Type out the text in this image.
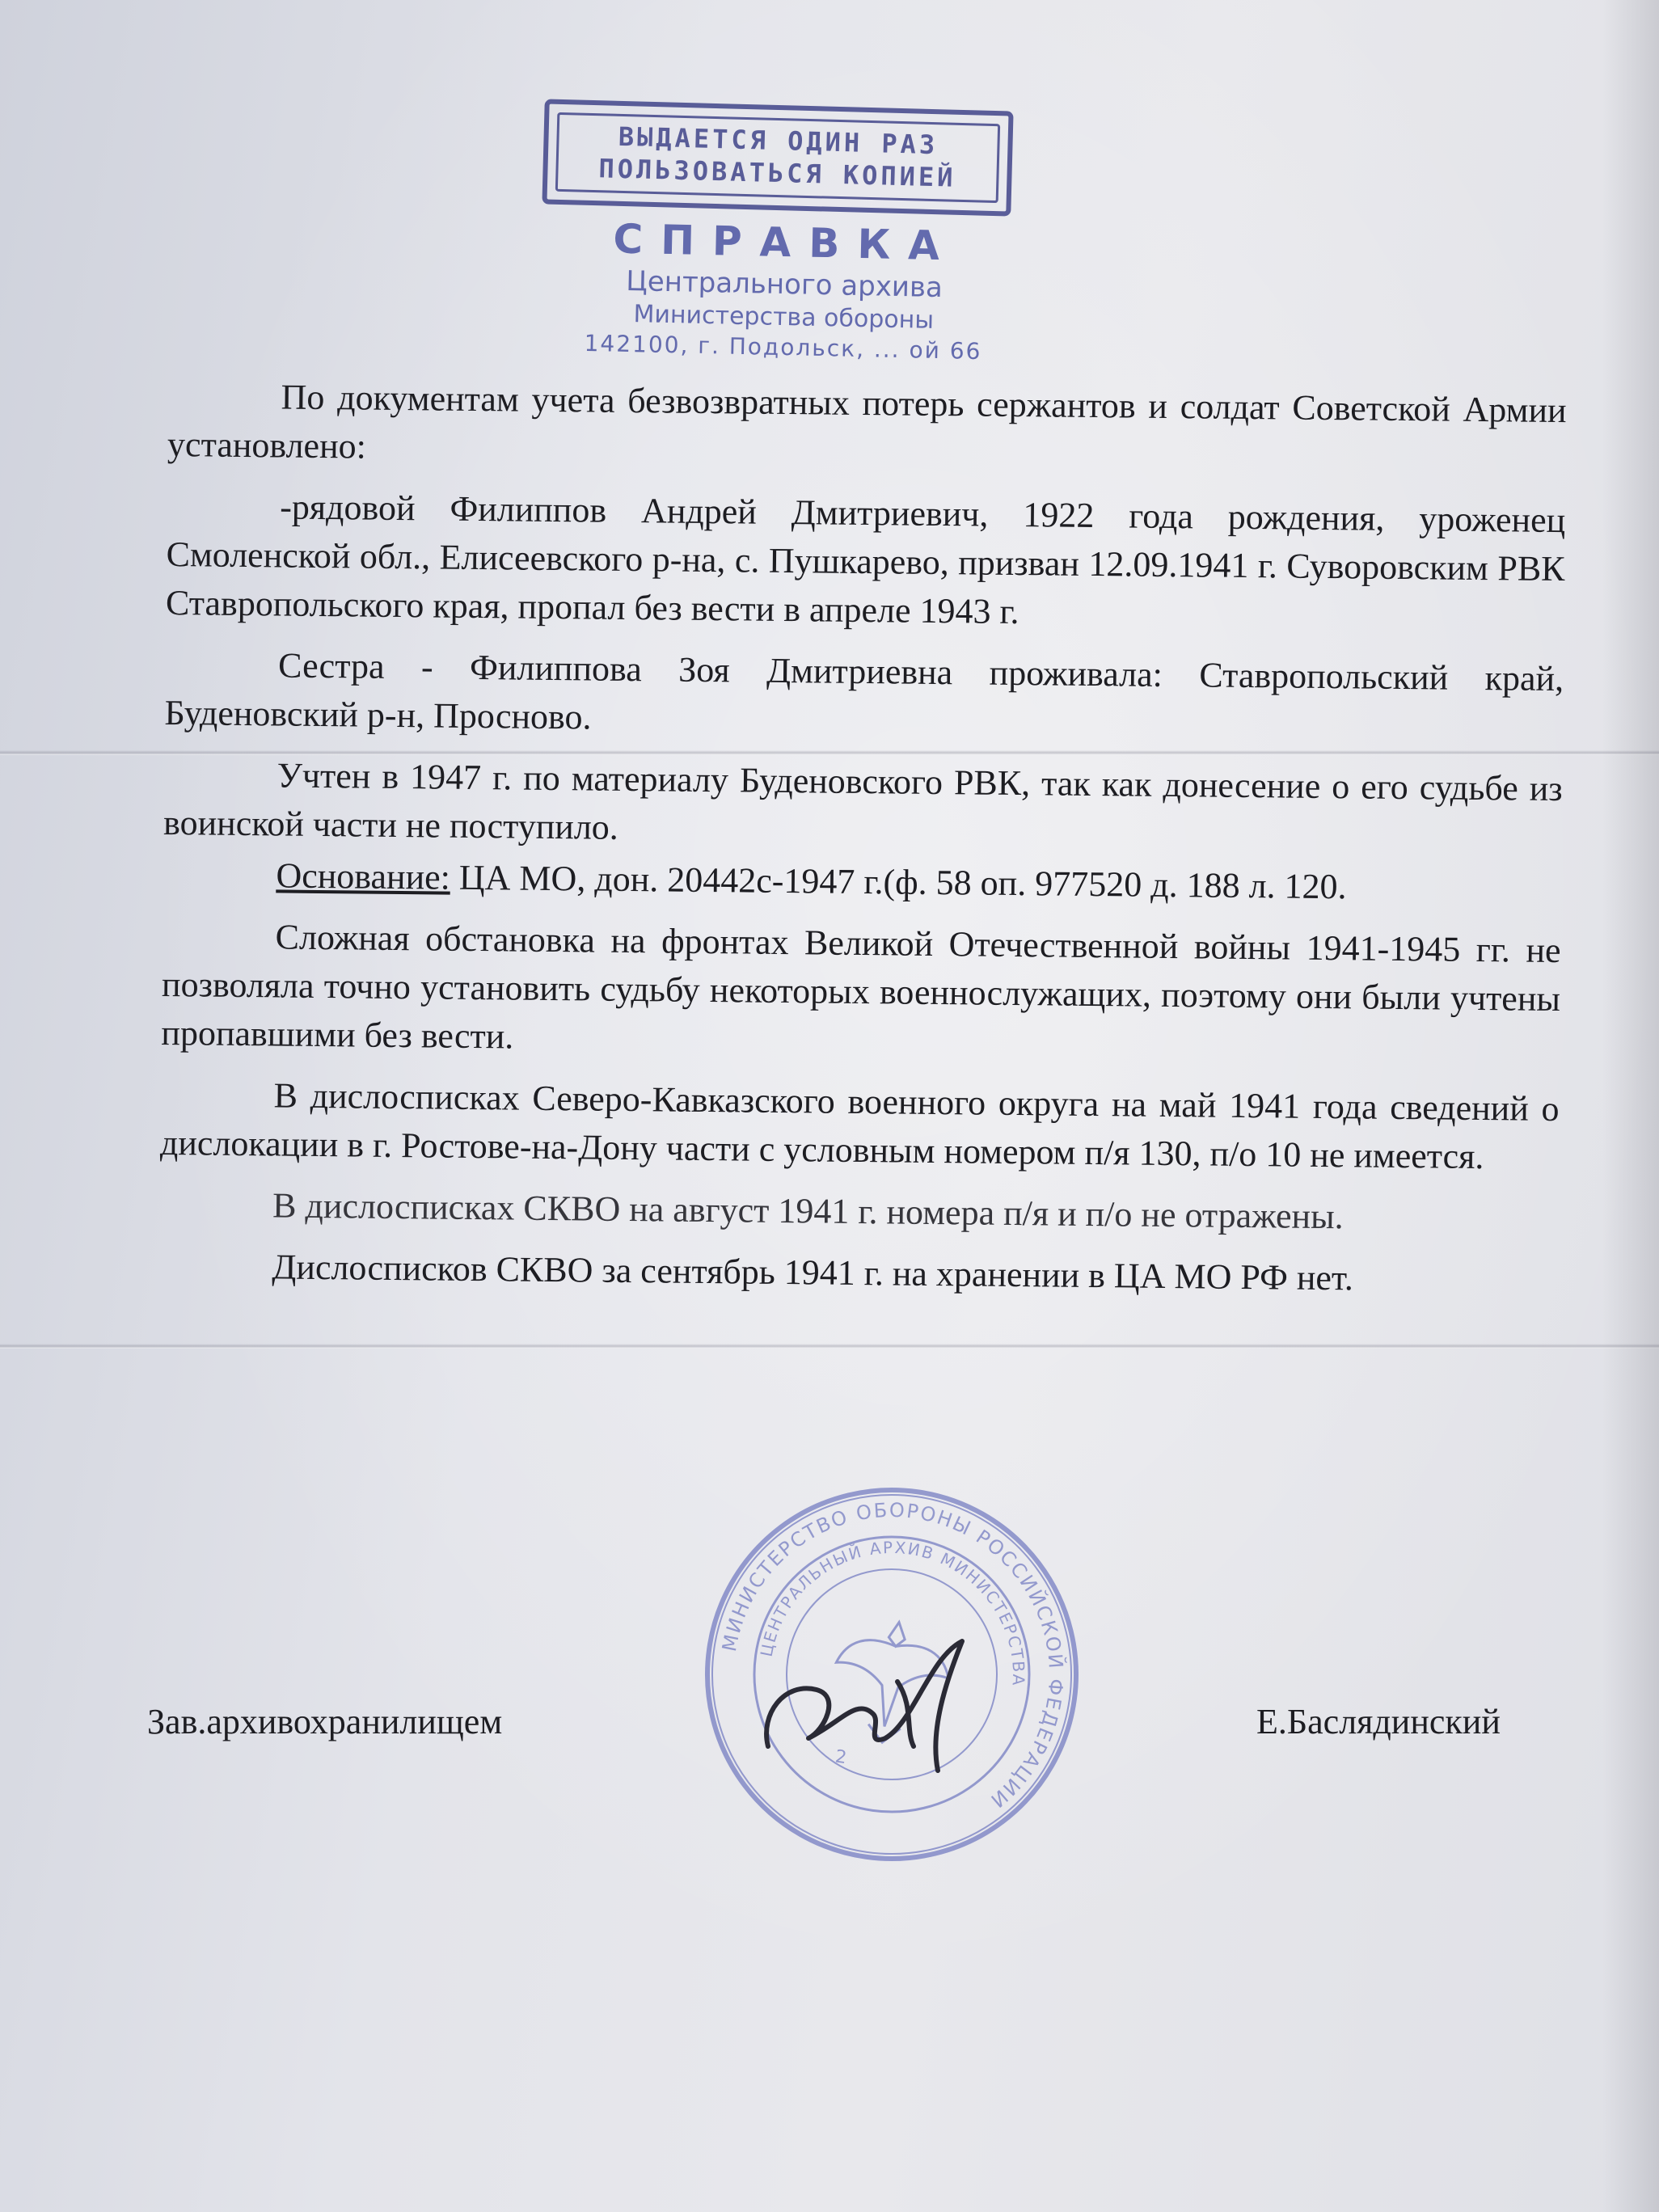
ВЫДАЕТСЯ ОДИН РАЗ
ПОЛЬЗОВАТЬСЯ КОПИЕЙ
СПРАВКА
Центрального архива
Министерства обороны
142100, г. Подольск, ... ой 66

По документам учета безвозвратных потерь сержантов и солдат Советской Армии установлено:

-рядовой Филиппов Андрей Дмитриевич, 1922 года рождения, уроженец Смоленской обл., Елисеевского р-на, с. Пушкарево, призван 12.09.1941 г. Суворовским РВК Ставропольского края, пропал без вести в апреле 1943 г.

Сестра - Филиппова Зоя Дмитриевна проживала: Ставропольский край, Буденовский р-н, Просново.

Учтен в 1947 г. по материалу Буденовского РВК, так как донесение о его судьбе из воинской части не поступило.

Основание: ЦА МО, дон. 20442с-1947 г.(ф. 58 оп. 977520 д. 188 л. 120.

Сложная обстановка на фронтах Великой Отечественной войны 1941-1945 гг. не позволяла точно установить судьбу некоторых военнослужащих, поэтому они были учтены пропавшими без вести.

В дислосписках Северо-Кавказского военного округа на май 1941 года сведений о дислокации в г. Ростове-на-Дону части с условным номером п/я 130, п/о 10 не имеется.

В дислосписках СКВО на август 1941 г. номера п/я и п/о не отражены.

Дислосписков СКВО за сентябрь 1941 г. на хранении в ЦА МО РФ нет.

МИНИСТЕРСТВО ОБОРОНЫ РОССИЙСКОЙ ФЕДЕРАЦИИ
ЦЕНТРАЛЬНЫЙ АРХИВ МИНИСТЕРСТВА
2
Зав.архивохранилищем	Е.Баслядинский
